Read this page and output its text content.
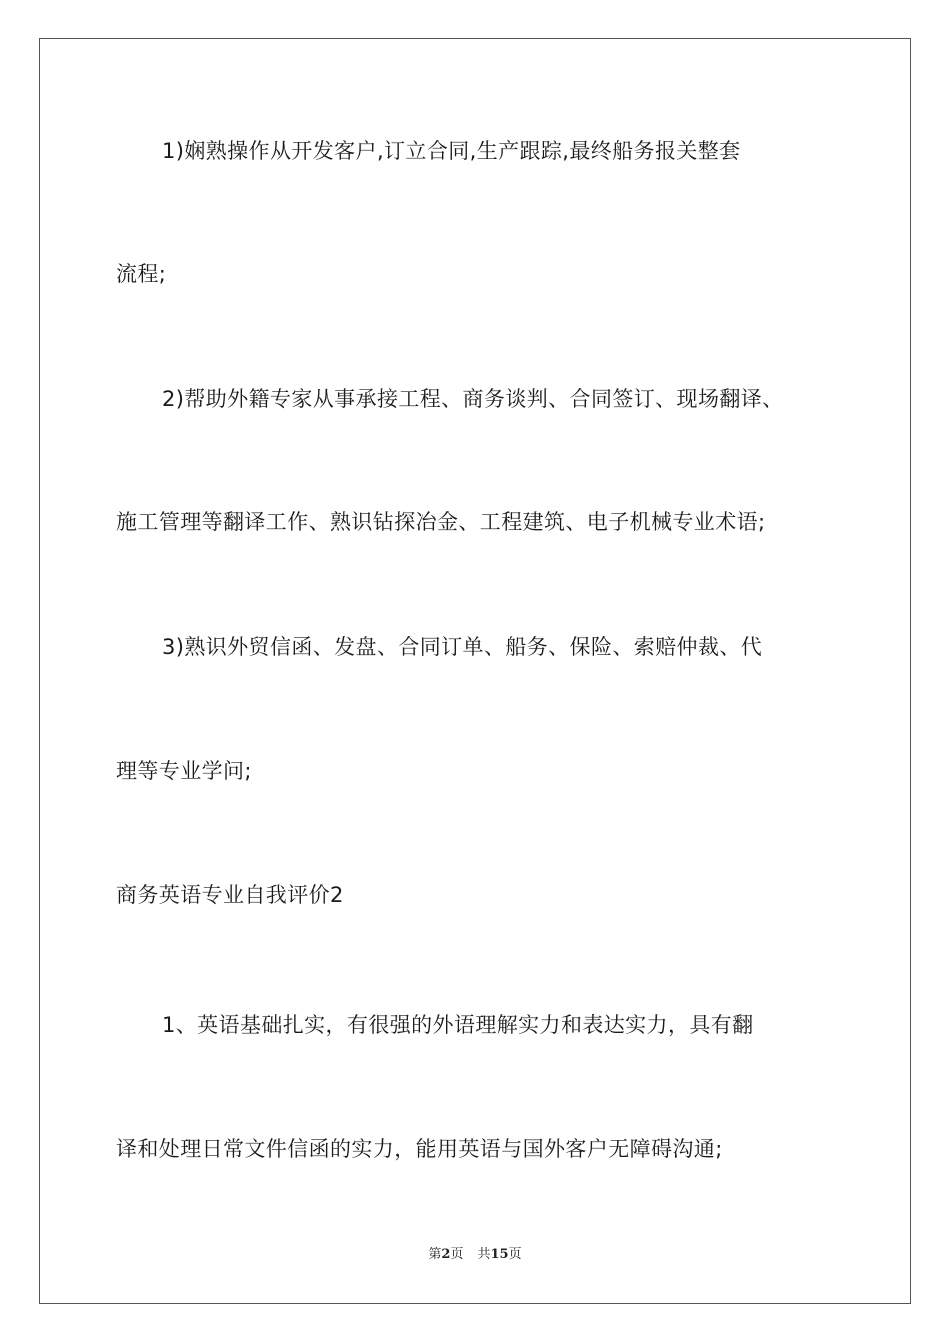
1)娴熟操作从开发客户,订立合同,生产跟踪,最终船务报关整套
流程;
2)帮助外籍专家从事承接工程、商务谈判、合同签订、现场翻译、
施工管理等翻译工作、熟识钻探冶金、工程建筑、电子机械专业术语;
3)熟识外贸信函、发盘、合同订单、船务、保险、索赔仲裁、代
理等专业学问;
商务英语专业自我评价2
1、英语基础扎实，有很强的外语理解实力和表达实力，具有翻
译和处理日常文件信函的实力，能用英语与国外客户无障碍沟通;
第2页 共15页
